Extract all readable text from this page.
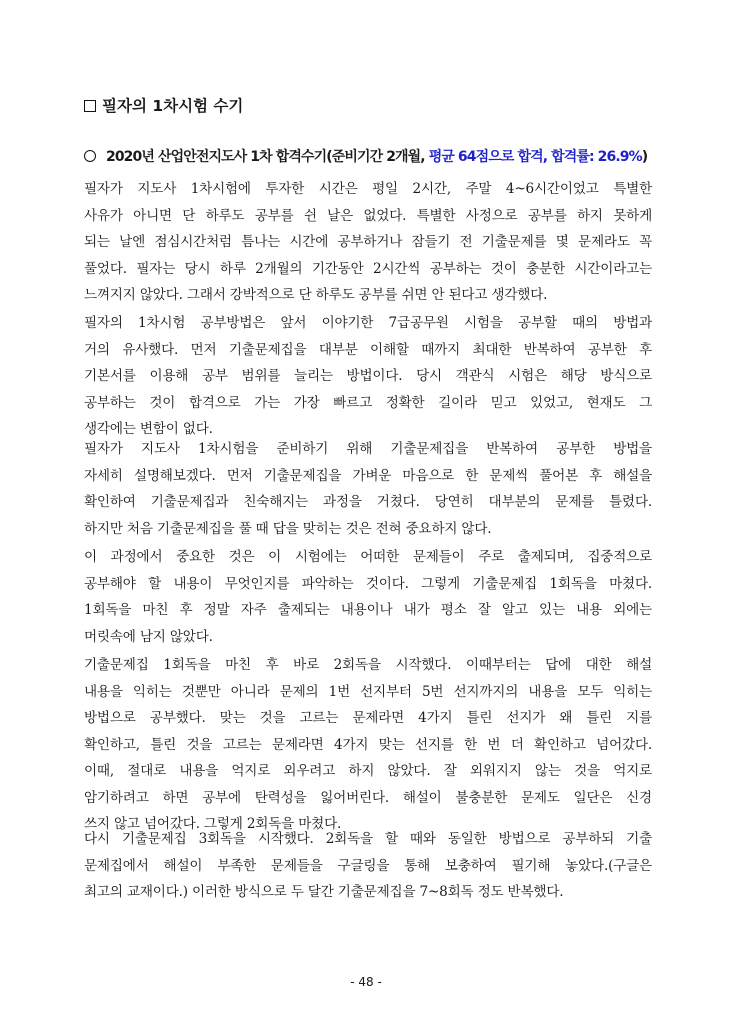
필자의 1차시험 수기
2020년 산업안전지도사 1차 합격수기(준비기간 2개월, 평균 64점으로 합격, 합격률: 26.9%)
필자가 지도사 1차시험에 투자한 시간은 평일 2시간, 주말 4~6시간이었고 특별한
사유가 아니면 단 하루도 공부를 쉰 날은 없었다. 특별한 사정으로 공부를 하지 못하게
되는 날엔 점심시간처럼 틈나는 시간에 공부하거나 잠들기 전 기출문제를 몇 문제라도 꼭
풀었다. 필자는 당시 하루 2개월의 기간동안 2시간씩 공부하는 것이 충분한 시간이라고는
느껴지지 않았다. 그래서 강박적으로 단 하루도 공부를 쉬면 안 된다고 생각했다.
필자의 1차시험 공부방법은 앞서 이야기한 7급공무원 시험을 공부할 때의 방법과
거의 유사했다. 먼저 기출문제집을 대부분 이해할 때까지 최대한 반복하여 공부한 후
기본서를 이용해 공부 범위를 늘리는 방법이다. 당시 객관식 시험은 해당 방식으로
공부하는 것이 합격으로 가는 가장 빠르고 정확한 길이라 믿고 있었고, 현재도 그
생각에는 변함이 없다.
필자가 지도사 1차시험을 준비하기 위해 기출문제집을 반복하여 공부한 방법을
자세히 설명해보겠다. 먼저 기출문제집을 가벼운 마음으로 한 문제씩 풀어본 후 해설을
확인하여 기출문제집과 친숙해지는 과정을 거쳤다. 당연히 대부분의 문제를 틀렸다.
하지만 처음 기출문제집을 풀 때 답을 맞히는 것은 전혀 중요하지 않다.
이 과정에서 중요한 것은 이 시험에는 어떠한 문제들이 주로 출제되며, 집중적으로
공부해야 할 내용이 무엇인지를 파악하는 것이다. 그렇게 기출문제집 1회독을 마쳤다.
1회독을 마친 후 정말 자주 출제되는 내용이나 내가 평소 잘 알고 있는 내용 외에는
머릿속에 남지 않았다.
기출문제집 1회독을 마친 후 바로 2회독을 시작했다. 이때부터는 답에 대한 해설
내용을 익히는 것뿐만 아니라 문제의 1번 선지부터 5번 선지까지의 내용을 모두 익히는
방법으로 공부했다. 맞는 것을 고르는 문제라면 4가지 틀린 선지가 왜 틀린 지를
확인하고, 틀린 것을 고르는 문제라면 4가지 맞는 선지를 한 번 더 확인하고 넘어갔다.
이때, 절대로 내용을 억지로 외우려고 하지 않았다. 잘 외워지지 않는 것을 억지로
암기하려고 하면 공부에 탄력성을 잃어버린다. 해설이 불충분한 문제도 일단은 신경
쓰지 않고 넘어갔다. 그렇게 2회독을 마쳤다.
다시 기출문제집 3회독을 시작했다. 2회독을 할 때와 동일한 방법으로 공부하되 기출
문제집에서 해설이 부족한 문제들을 구글링을 통해 보충하여 필기해 놓았다.(구글은
최고의 교재이다.) 이러한 방식으로 두 달간 기출문제집을 7~8회독 정도 반복했다.
- 48 -
